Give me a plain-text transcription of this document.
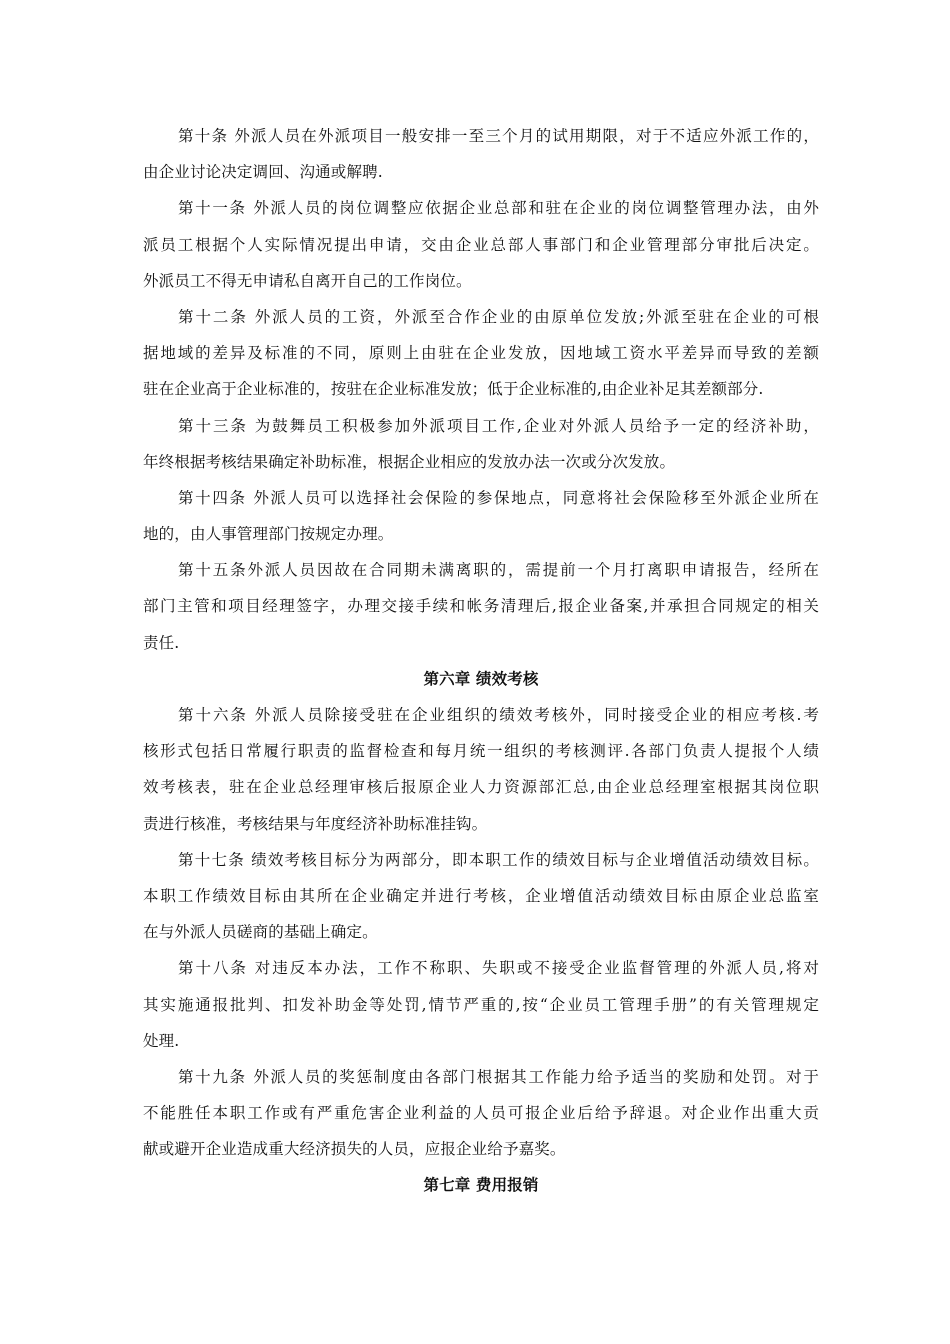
第十条 外派人员在外派项目一般安排一至三个月的试用期限，对于不适应外派工作的，
由企业讨论决定调回、沟通或解聘.
第十一条 外派人员的岗位调整应依据企业总部和驻在企业的岗位调整管理办法，由外
派员工根据个人实际情况提出申请，交由企业总部人事部门和企业管理部分审批后决定。
外派员工不得无申请私自离开自己的工作岗位。
第十二条 外派人员的工资，外派至合作企业的由原单位发放;外派至驻在企业的可根
据地域的差异及标准的不同，原则上由驻在企业发放，因地域工资水平差异而导致的差额
驻在企业高于企业标准的，按驻在企业标准发放；低于企业标准的,由企业补足其差额部分.
第十三条 为鼓舞员工积极参加外派项目工作,企业对外派人员给予一定的经济补助，
年终根据考核结果确定补助标准，根据企业相应的发放办法一次或分次发放。
第十四条 外派人员可以选择社会保险的参保地点，同意将社会保险移至外派企业所在
地的，由人事管理部门按规定办理。
第十五条外派人员因故在合同期未满离职的，需提前一个月打离职申请报告，经所在
部门主管和项目经理签字，办理交接手续和帐务清理后,报企业备案,并承担合同规定的相关
责任.
第六章 绩效考核
第十六条 外派人员除接受驻在企业组织的绩效考核外，同时接受企业的相应考核.考
核形式包括日常履行职责的监督检查和每月统一组织的考核测评.各部门负责人提报个人绩
效考核表，驻在企业总经理审核后报原企业人力资源部汇总,由企业总经理室根据其岗位职
责进行核准，考核结果与年度经济补助标准挂钩。
第十七条 绩效考核目标分为两部分，即本职工作的绩效目标与企业增值活动绩效目标。
本职工作绩效目标由其所在企业确定并进行考核，企业增值活动绩效目标由原企业总监室
在与外派人员磋商的基础上确定。
第十八条 对违反本办法，工作不称职、失职或不接受企业监督管理的外派人员,将对
其实施通报批判、扣发补助金等处罚,情节严重的,按“企业员工管理手册”的有关管理规定
处理.
第十九条 外派人员的奖惩制度由各部门根据其工作能力给予适当的奖励和处罚。对于
不能胜任本职工作或有严重危害企业利益的人员可报企业后给予辞退。对企业作出重大贡
献或避开企业造成重大经济损失的人员，应报企业给予嘉奖。
第七章 费用报销
